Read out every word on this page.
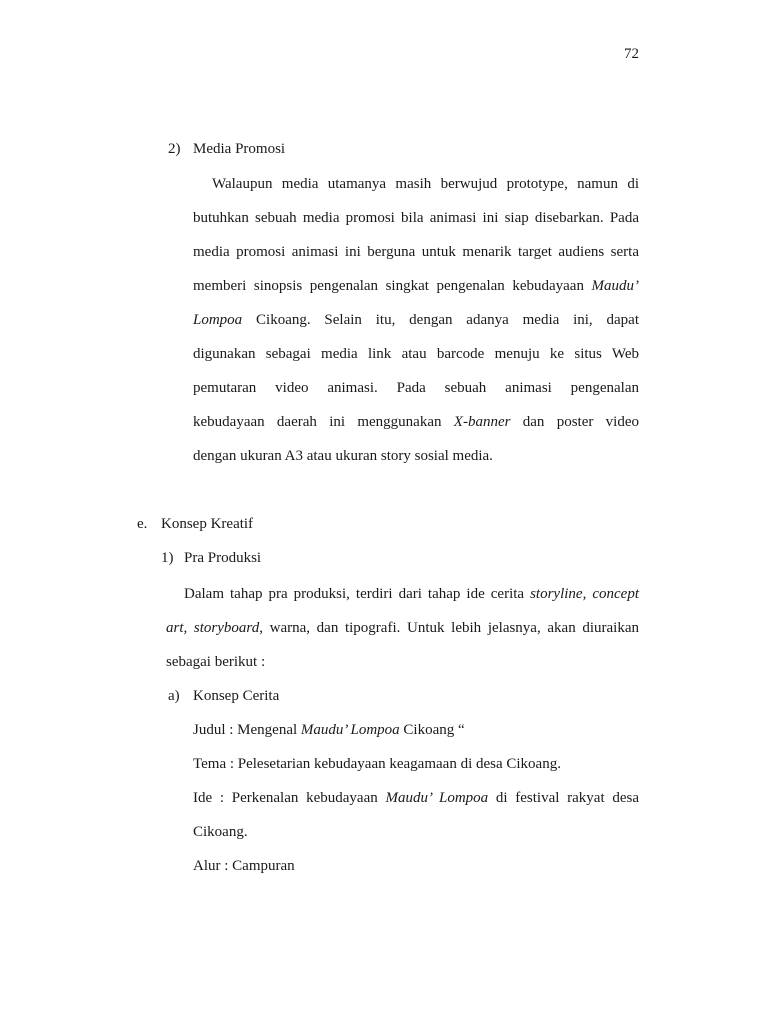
72
2) Media Promosi
Walaupun media utamanya masih berwujud prototype, namun di
butuhkan sebuah media promosi bila animasi ini siap disebarkan. Pada
media promosi animasi ini berguna untuk menarik target audiens serta
memberi sinopsis pengenalan singkat pengenalan kebudayaan Maudu’
Lompoa Cikoang. Selain itu, dengan adanya media ini, dapat
digunakan sebagai media link atau barcode menuju ke situs Web
pemutaran video animasi. Pada sebuah animasi pengenalan
kebudayaan daerah ini menggunakan X-banner dan poster video
dengan ukuran A3 atau ukuran story sosial media.
e. Konsep Kreatif
1) Pra Produksi
Dalam tahap pra produksi, terdiri dari tahap ide cerita storyline, concept
art, storyboard, warna, dan tipografi. Untuk lebih jelasnya, akan diuraikan
sebagai berikut :
a) Konsep Cerita
Judul : Mengenal Maudu’ Lompoa Cikoang “
Tema : Pelesetarian kebudayaan keagamaan di desa Cikoang.
Ide : Perkenalan kebudayaan Maudu’ Lompoa di festival rakyat desa
Cikoang.
Alur : Campuran
